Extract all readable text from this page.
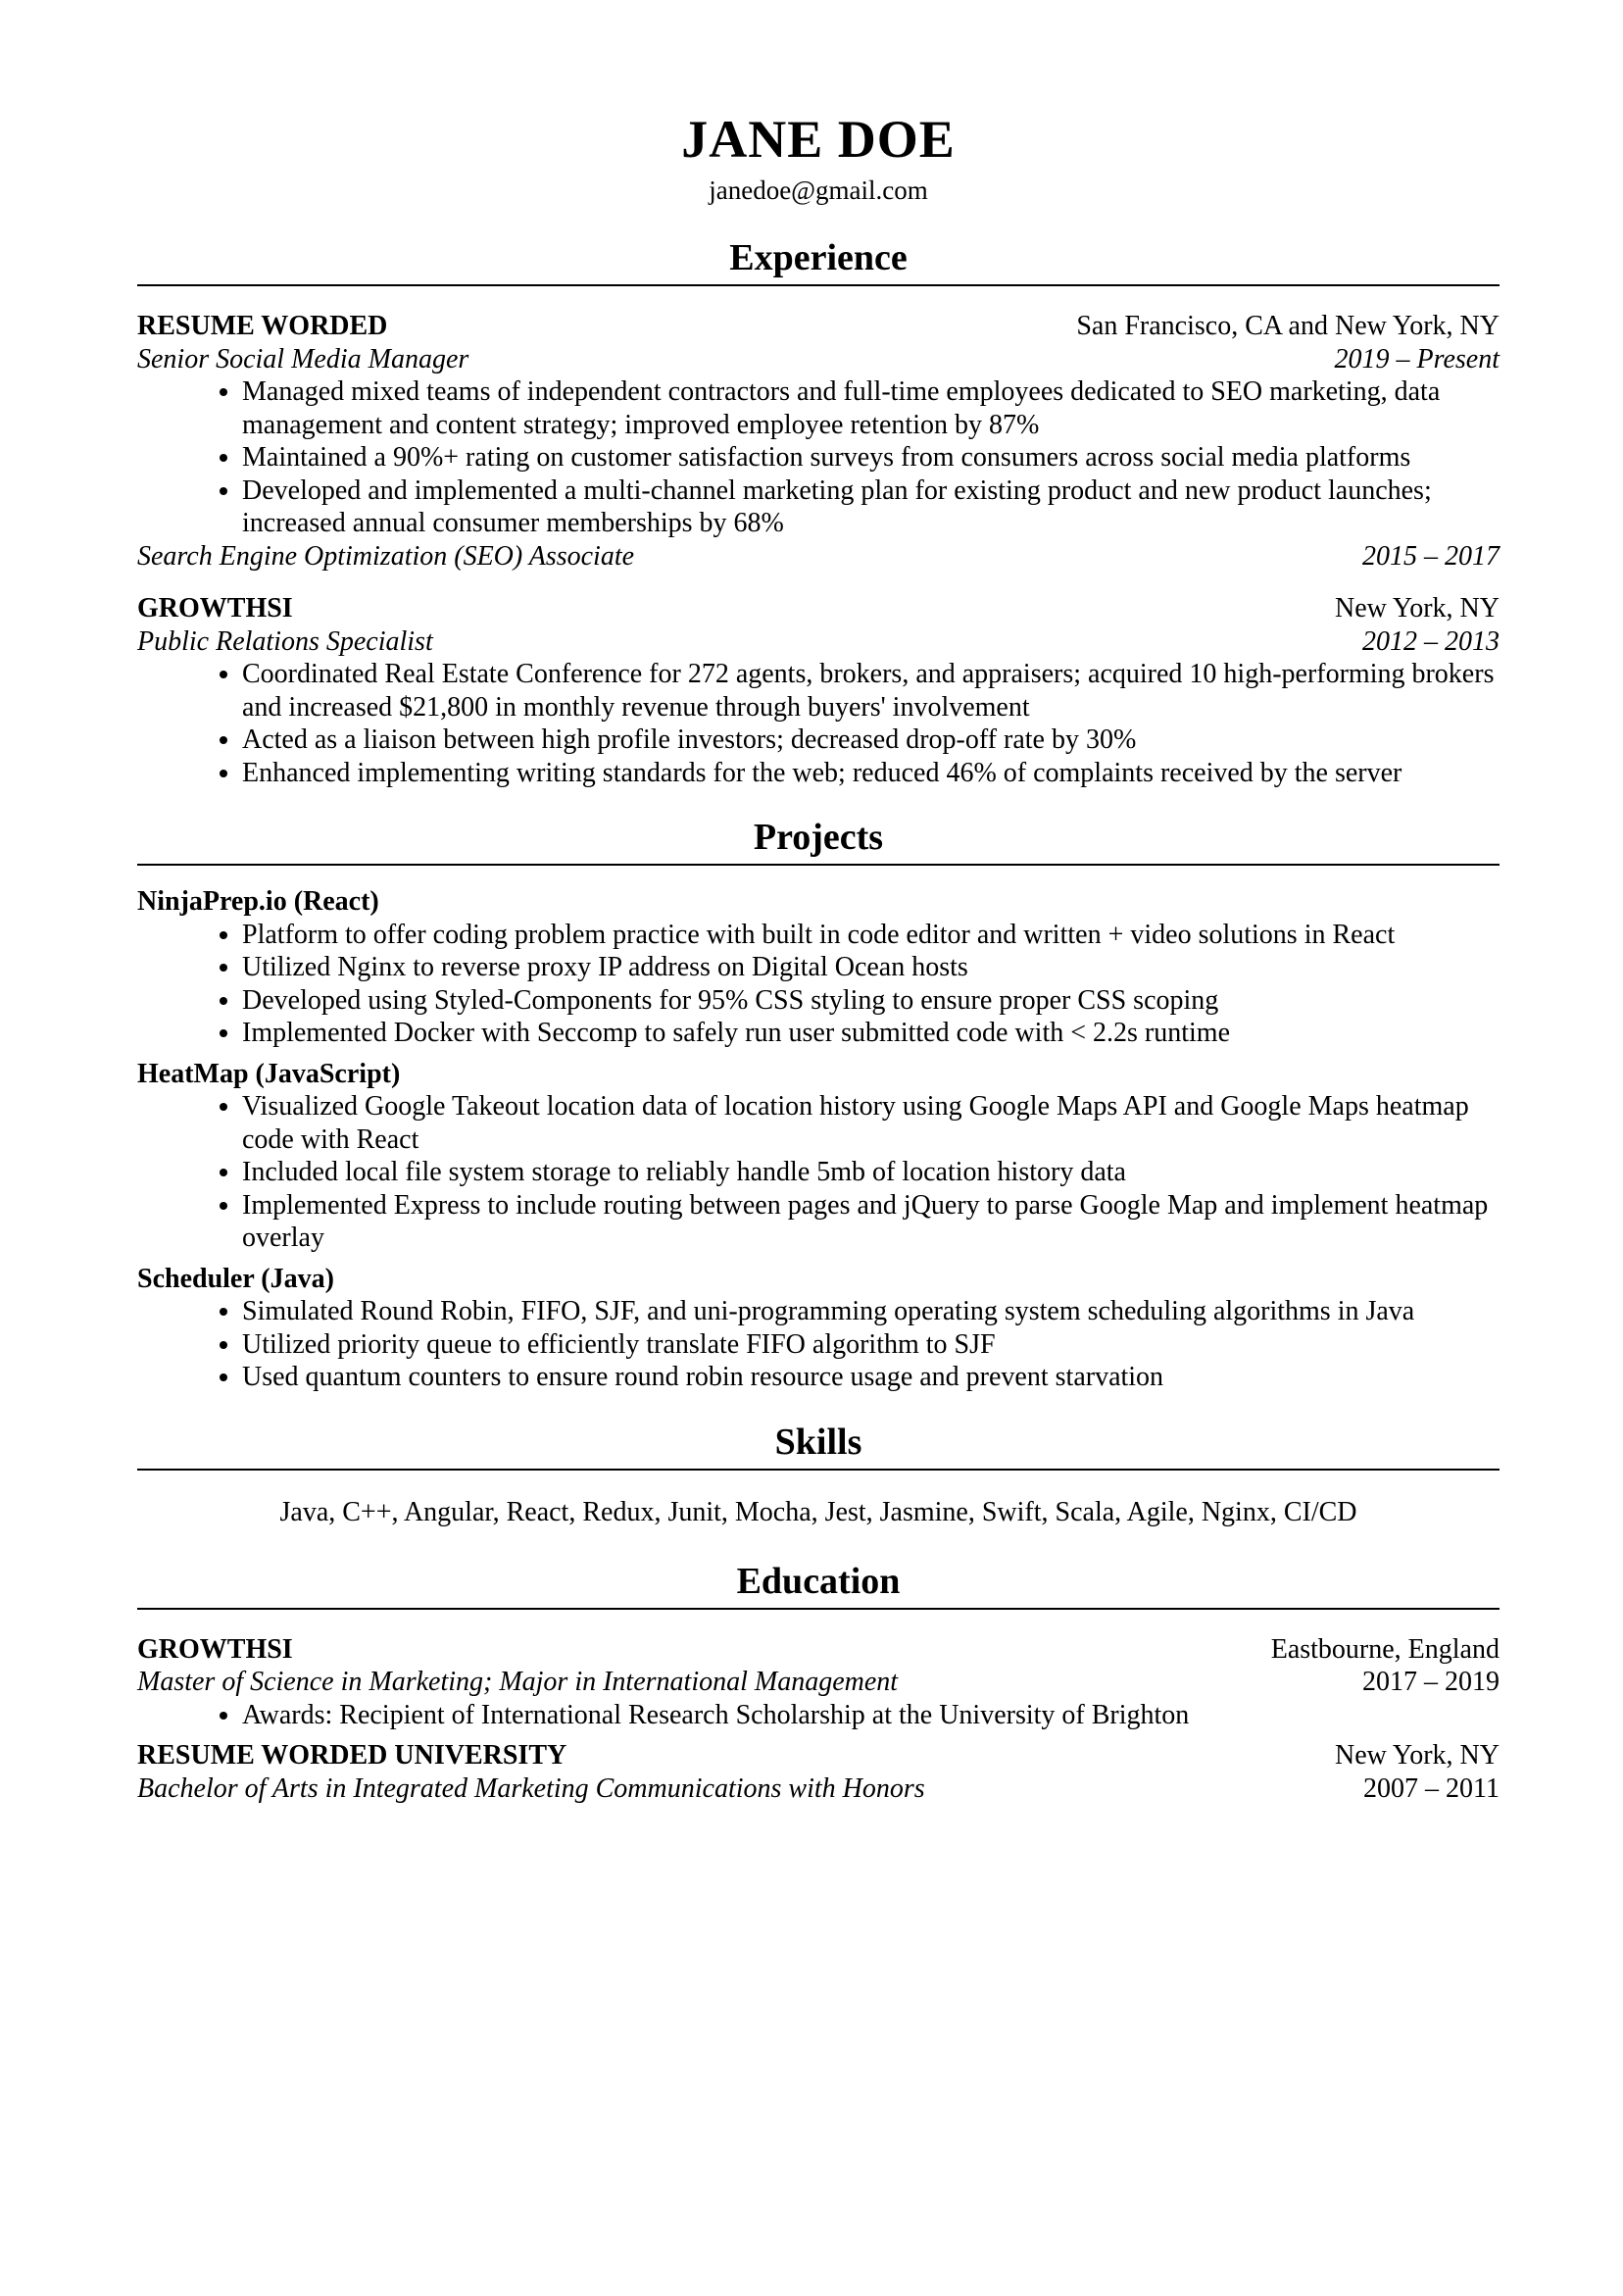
JANE DOE
janedoe@gmail.com
Experience
RESUME WORDED	San Francisco, CA and New York, NY
Senior Social Media Manager	2019 – Present
• Managed mixed teams of independent contractors and full-time employees dedicated to SEO marketing, data management and content strategy; improved employee retention by 87%
• Maintained a 90%+ rating on customer satisfaction surveys from consumers across social media platforms
• Developed and implemented a multi-channel marketing plan for existing product and new product launches; increased annual consumer memberships by 68%
Search Engine Optimization (SEO) Associate	2015 – 2017
GROWTHSI	New York, NY
Public Relations Specialist	2012 – 2013
• Coordinated Real Estate Conference for 272 agents, brokers, and appraisers; acquired 10 high-performing brokers and increased $21,800 in monthly revenue through buyers' involvement
• Acted as a liaison between high profile investors; decreased drop-off rate by 30%
• Enhanced implementing writing standards for the web; reduced 46% of complaints received by the server
Projects
NinjaPrep.io (React)
• Platform to offer coding problem practice with built in code editor and written + video solutions in React
• Utilized Nginx to reverse proxy IP address on Digital Ocean hosts
• Developed using Styled-Components for 95% CSS styling to ensure proper CSS scoping
• Implemented Docker with Seccomp to safely run user submitted code with < 2.2s runtime
HeatMap (JavaScript)
• Visualized Google Takeout location data of location history using Google Maps API and Google Maps heatmap code with React
• Included local file system storage to reliably handle 5mb of location history data
• Implemented Express to include routing between pages and jQuery to parse Google Map and implement heatmap overlay
Scheduler (Java)
• Simulated Round Robin, FIFO, SJF, and uni-programming operating system scheduling algorithms in Java
• Utilized priority queue to efficiently translate FIFO algorithm to SJF
• Used quantum counters to ensure round robin resource usage and prevent starvation
Skills
Java, C++, Angular, React, Redux, Junit, Mocha, Jest, Jasmine, Swift, Scala, Agile, Nginx, CI/CD
Education
GROWTHSI	Eastbourne, England
Master of Science in Marketing; Major in International Management	2017 – 2019
• Awards: Recipient of International Research Scholarship at the University of Brighton
RESUME WORDED UNIVERSITY	New York, NY
Bachelor of Arts in Integrated Marketing Communications with Honors	2007 – 2011
